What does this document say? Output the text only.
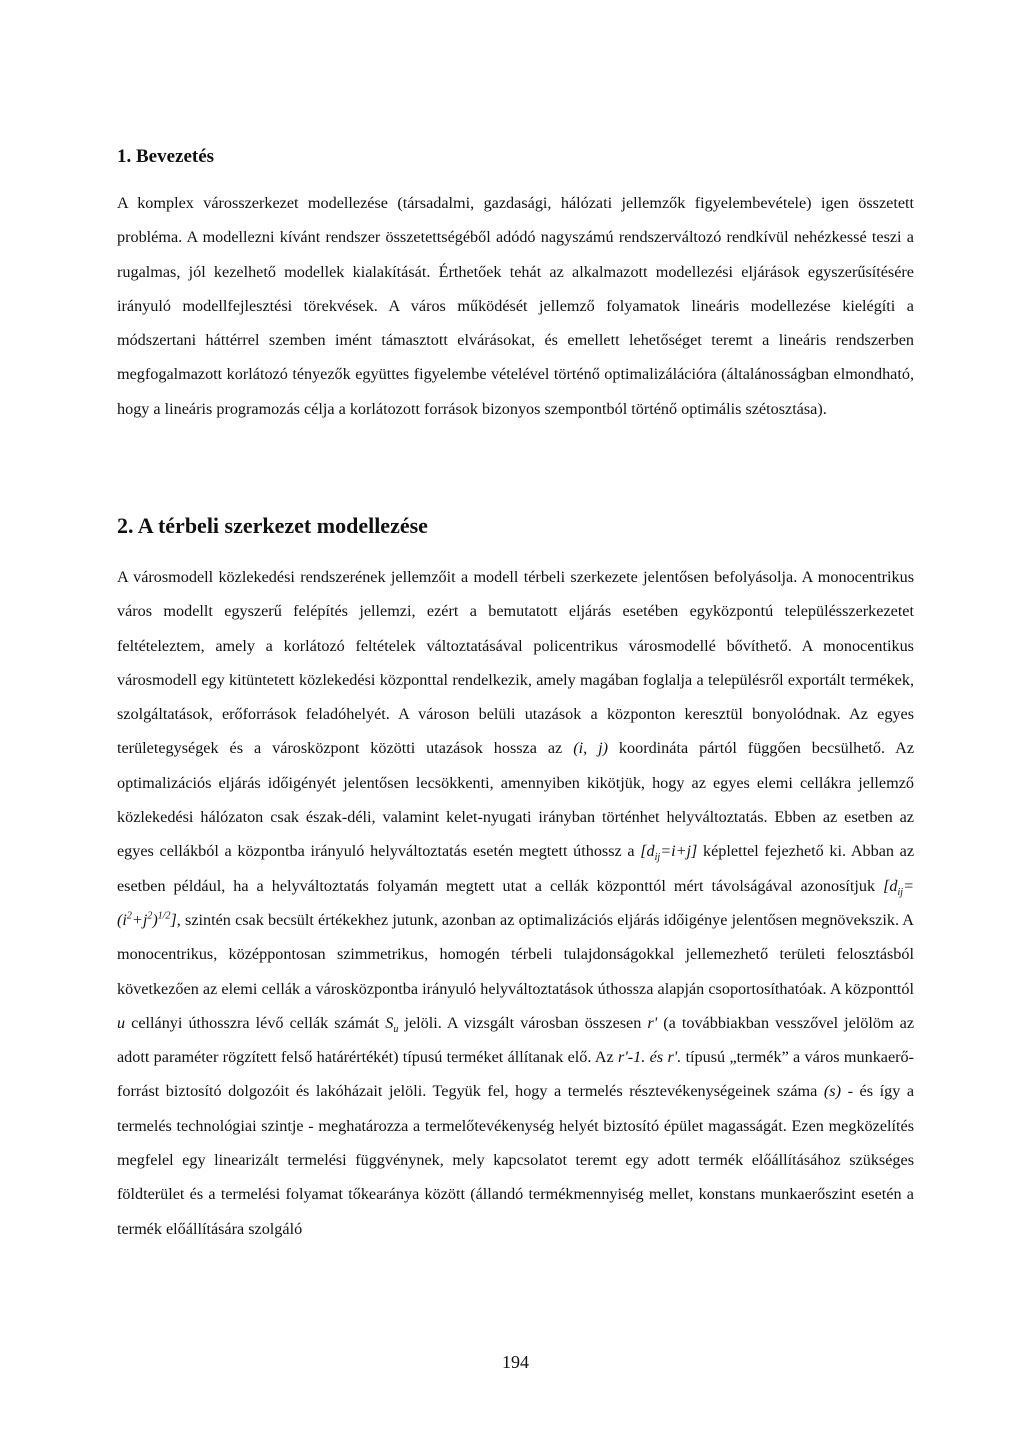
1. Bevezetés

A komplex városszerkezet modellezése (társadalmi, gazdasági, hálózati jellemzők figyelembevétele) igen összetett probléma. A modellezni kívánt rendszer összetettségéből adódó nagyszámú rendszerváltozó rendkívül nehézkessé teszi a rugalmas, jól kezelhető modellek kialakítását. Érthetőek tehát az alkalmazott modellezési eljárások egyszerűsítésére irányuló modellfejlesztési törekvések. A város működését jellemző folyamatok lineáris modellezése kielégíti a módszertani háttérrel szemben imént támasztott elvárásokat, és emellett lehetőséget teremt a lineáris rendszerben megfogalmazott korlátozó tényezők együttes figyelembe vételével történő optimalizálációra (általánosságban elmondható, hogy a lineáris programozás célja a korlátozott források bizonyos szempontból történő optimális szétosztása).

2. A térbeli szerkezet modellezése

A városmodell közlekedési rendszerének jellemzőit a modell térbeli szerkezete jelentősen befolyásolja. A monocentrikus város modellt egyszerű felépítés jellemzi, ezért a bemutatott eljárás esetében egyközpontú településszerkezetet feltételeztem, amely a korlátozó feltételek változtatásával policentrikus városmodellé bővíthető. A monocentikus városmodell egy kitüntetett közlekedési központtal rendelkezik, amely magában foglalja a településről exportált termékek, szolgáltatások, erőforrások feladóhelyét. A városon belüli utazások a központon keresztül bonyolódnak. Az egyes területegységek és a városközpont közötti utazások hossza az (i, j) koordináta pártól függően becsülhető. Az optimalizációs eljárás időigényét jelentősen lecsökkenti, amennyiben kikötjük, hogy az egyes elemi cellákra jellemző közlekedési hálózaton csak észak-déli, valamint kelet-nyugati irányban történhet helyváltoztatás. Ebben az esetben az egyes cellákból a központba irányuló helyváltoztatás esetén megtett úthossz a $[d_{ij}=i+j]$ képlettel fejezhető ki. Abban az esetben például, ha a helyváltoztatás folyamán megtett utat a cellák központtól mért távolságával azonosítjuk $[d_{ij}=(i^2+j^2)^{1/2}]$, szintén csak becsült értékekhez jutunk, azonban az optimalizációs eljárás időigénye jelentősen megnövekszik. A monocentrikus, középpontosan szimmetrikus, homogén térbeli tulajdonságokkal jellemezhető területi felosztásból következően az elemi cellák a városközpontba irányuló helyváltoztatások úthossza alapján csoportosíthatóak. A központtól u cellányi úthosszra lévő cellák számát $S_u$ jelöli. A vizsgált városban összesen r' (a továbbiakban vesszővel jelölöm az adott paraméter rögzített felső határértékét) típusú terméket állítanak elő. Az r'-1. és r'. típusú „termék” a város munkaerő-forrást biztosító dolgozóit és lakóházait jelöli. Tegyük fel, hogy a termelés résztevékenységeinek száma (s) - és így a termelés technológiai szintje - meghatározza a termelőtevékenység helyét biztosító épület magasságát. Ezen megközelítés megfelel egy linearizált termelési függvénynek, mely kapcsolatot teremt egy adott termék előállításához szükséges földterület és a termelési folyamat tőkearánya között (állandó termékmennyiség mellet, konstans munkaerőszint esetén a termék előállítására szolgáló

194
